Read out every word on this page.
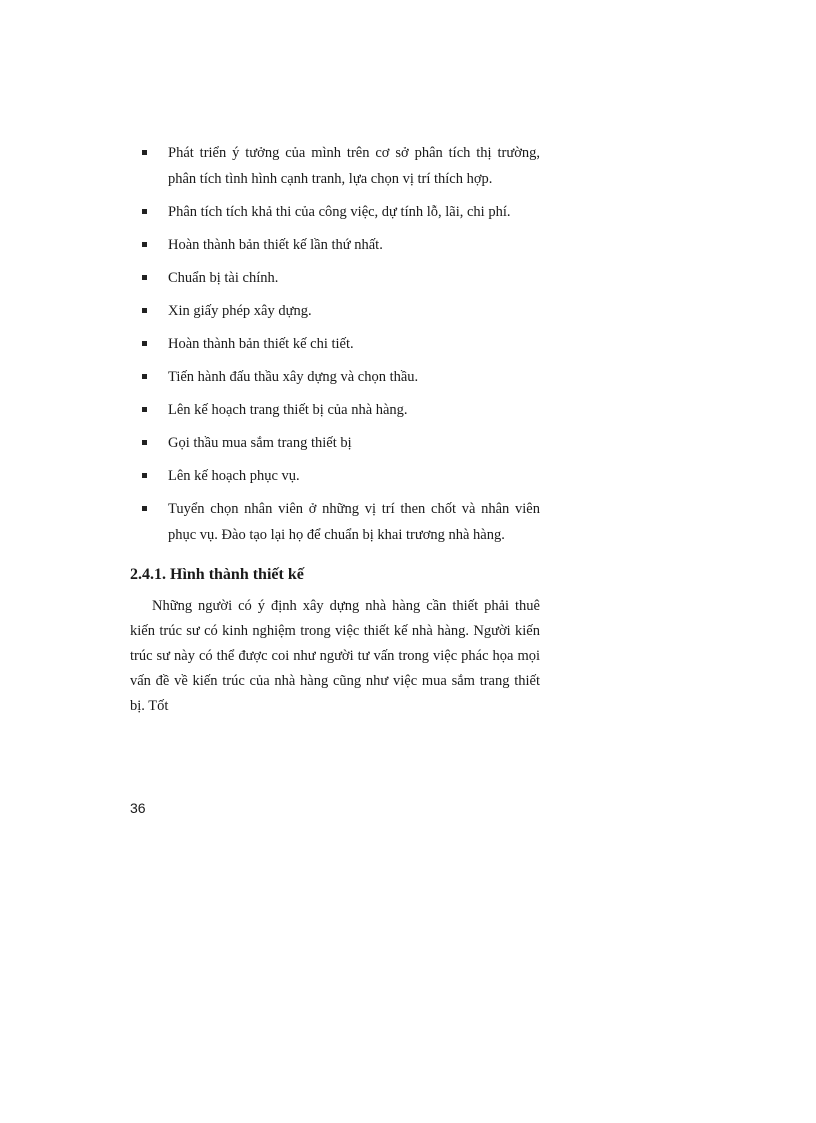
Phát triển ý tưởng của mình trên cơ sở phân tích thị trường, phân tích tình hình cạnh tranh, lựa chọn vị trí thích hợp.
Phân tích tích khả thi của công việc, dự tính lỗ, lãi, chi phí.
Hoàn thành bản thiết kế lần thứ nhất.
Chuẩn bị tài chính.
Xin giấy phép xây dựng.
Hoàn thành bản thiết kế chi tiết.
Tiến hành đấu thầu xây dựng và chọn thầu.
Lên kế hoạch trang thiết bị của nhà hàng.
Gọi thầu mua sắm trang thiết bị
Lên kế hoạch phục vụ.
Tuyển chọn nhân viên ở những vị trí then chốt và nhân viên phục vụ. Đào tạo lại họ để chuẩn bị khai trương nhà hàng.
2.4.1. Hình thành thiết kế

Những người có ý định xây dựng nhà hàng cần thiết phải thuê kiến trúc sư có kinh nghiệm trong việc thiết kế nhà hàng. Người kiến trúc sư này có thể được coi như người tư vấn trong việc phác họa mọi vấn đề về kiến trúc của nhà hàng cũng như việc mua sắm trang thiết bị. Tốt

36
